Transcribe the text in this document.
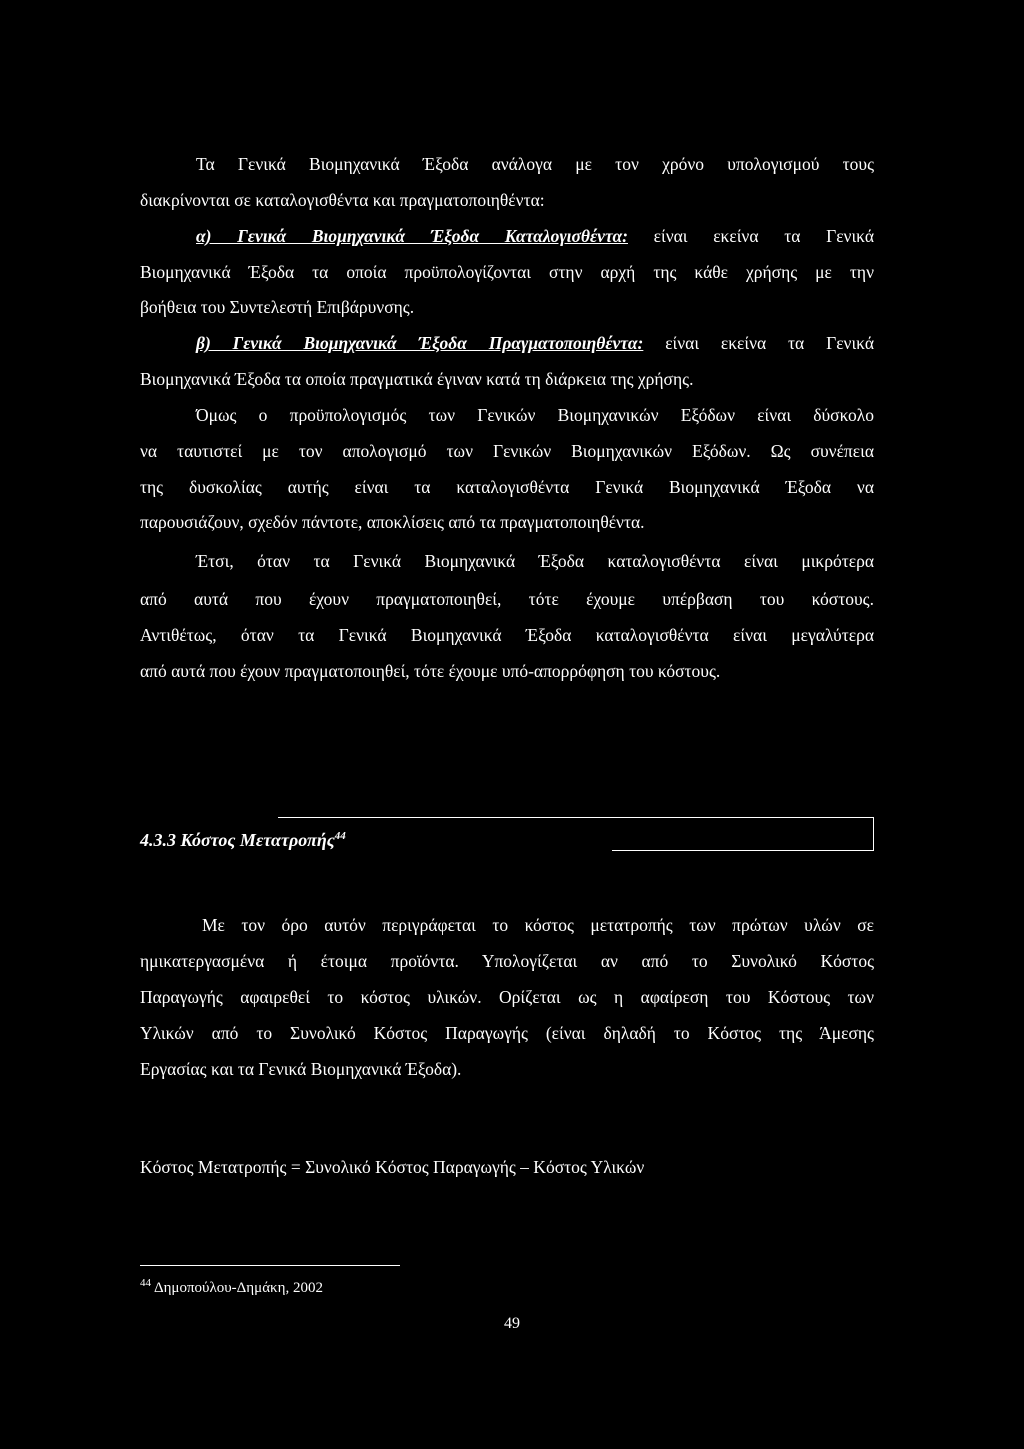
Τα Γενικά Βιομηχανικά Έξοδα ανάλογα με τον χρόνο υπολογισμού τους
διακρίνονται σε καταλογισθέντα και πραγματοποιηθέντα:
α) Γενικά Βιομηχανικά Έξοδα Καταλογισθέντα: είναι εκείνα τα Γενικά
Βιομηχανικά Έξοδα τα οποία προϋπολογίζονται στην αρχή της κάθε χρήσης με την
βοήθεια του Συντελεστή Επιβάρυνσης.
β) Γενικά Βιομηχανικά Έξοδα Πραγματοποιηθέντα: είναι εκείνα τα Γενικά
Βιομηχανικά Έξοδα τα οποία πραγματικά έγιναν κατά τη διάρκεια της χρήσης.
Όμως ο προϋπολογισμός των Γενικών Βιομηχανικών Εξόδων είναι δύσκολο
να ταυτιστεί με τον απολογισμό των Γενικών Βιομηχανικών Εξόδων. Ως συνέπεια
της δυσκολίας αυτής είναι τα καταλογισθέντα Γενικά Βιομηχανικά Έξοδα να
παρουσιάζουν, σχεδόν πάντοτε, αποκλίσεις από τα πραγματοποιηθέντα.
Έτσι, όταν τα Γενικά Βιομηχανικά Έξοδα καταλογισθέντα είναι μικρότερα
από αυτά που έχουν πραγματοποιηθεί, τότε έχουμε υπέρβαση του κόστους.
Αντιθέτως, όταν τα Γενικά Βιομηχανικά Έξοδα καταλογισθέντα είναι μεγαλύτερα
από αυτά που έχουν πραγματοποιηθεί, τότε έχουμε υπό-απορρόφηση του κόστους.
4.3.3 Κόστος Μετατροπής$^{44}$
Με τον όρο αυτόν περιγράφεται το κόστος μετατροπής των πρώτων υλών σε
ημικατεργασμένα ή έτοιμα προϊόντα. Υπολογίζεται αν από το Συνολικό Κόστος
Παραγωγής αφαιρεθεί το κόστος υλικών. Ορίζεται ως η αφαίρεση του Κόστους των
Υλικών από το Συνολικό Κόστος Παραγωγής (είναι δηλαδή το Κόστος της Άμεσης
Εργασίας και τα Γενικά Βιομηχανικά Έξοδα).
Κόστος Μετατροπής = Συνολικό Κόστος Παραγωγής – Κόστος Υλικών
$^{44}$ Δημοπούλου-Δημάκη, 2002
49
